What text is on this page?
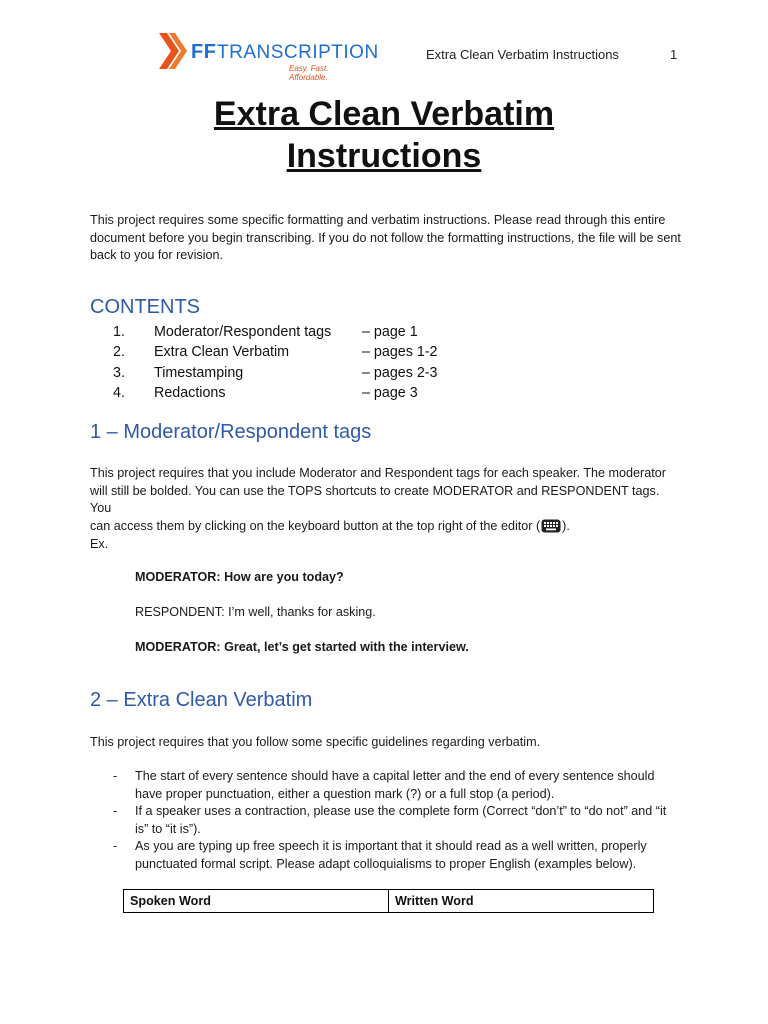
FF TRANSCRIPTION
Easy. Fast. Affordable.
Extra Clean Verbatim Instructions	1
Extra Clean Verbatim
Instructions
This project requires some specific formatting and verbatim instructions. Please read through this entire document before you begin transcribing. If you do not follow the formatting instructions, the file will be sent back to you for revision.
CONTENTS
1. Moderator/Respondent tags – page 1
2. Extra Clean Verbatim	– pages 1-2
3. Timestamping	– pages 2-3
4. Redactions	– page 3
1 – Moderator/Respondent tags
This project requires that you include Moderator and Respondent tags for each speaker. The moderator
will still be bolded. You can use the TOPS shortcuts to create MODERATOR and RESPONDENT tags. You
can access them by clicking on the keyboard button at the top right of the editor ( ).
Ex.
MODERATOR: How are you today?
RESPONDENT: I’m well, thanks for asking.
MODERATOR: Great, let’s get started with the interview.
2 – Extra Clean Verbatim
This project requires that you follow some specific guidelines regarding verbatim.
- The start of every sentence should have a capital letter and the end of every sentence should have proper punctuation, either a question mark (?) or a full stop (a period).
- If a speaker uses a contraction, please use the complete form (Correct “don’t” to “do not” and “it is” to “it is”).
- As you are typing up free speech it is important that it should read as a well written, properly punctuated formal script. Please adapt colloquialisms to proper English (examples below).
Spoken Word	Written Word
